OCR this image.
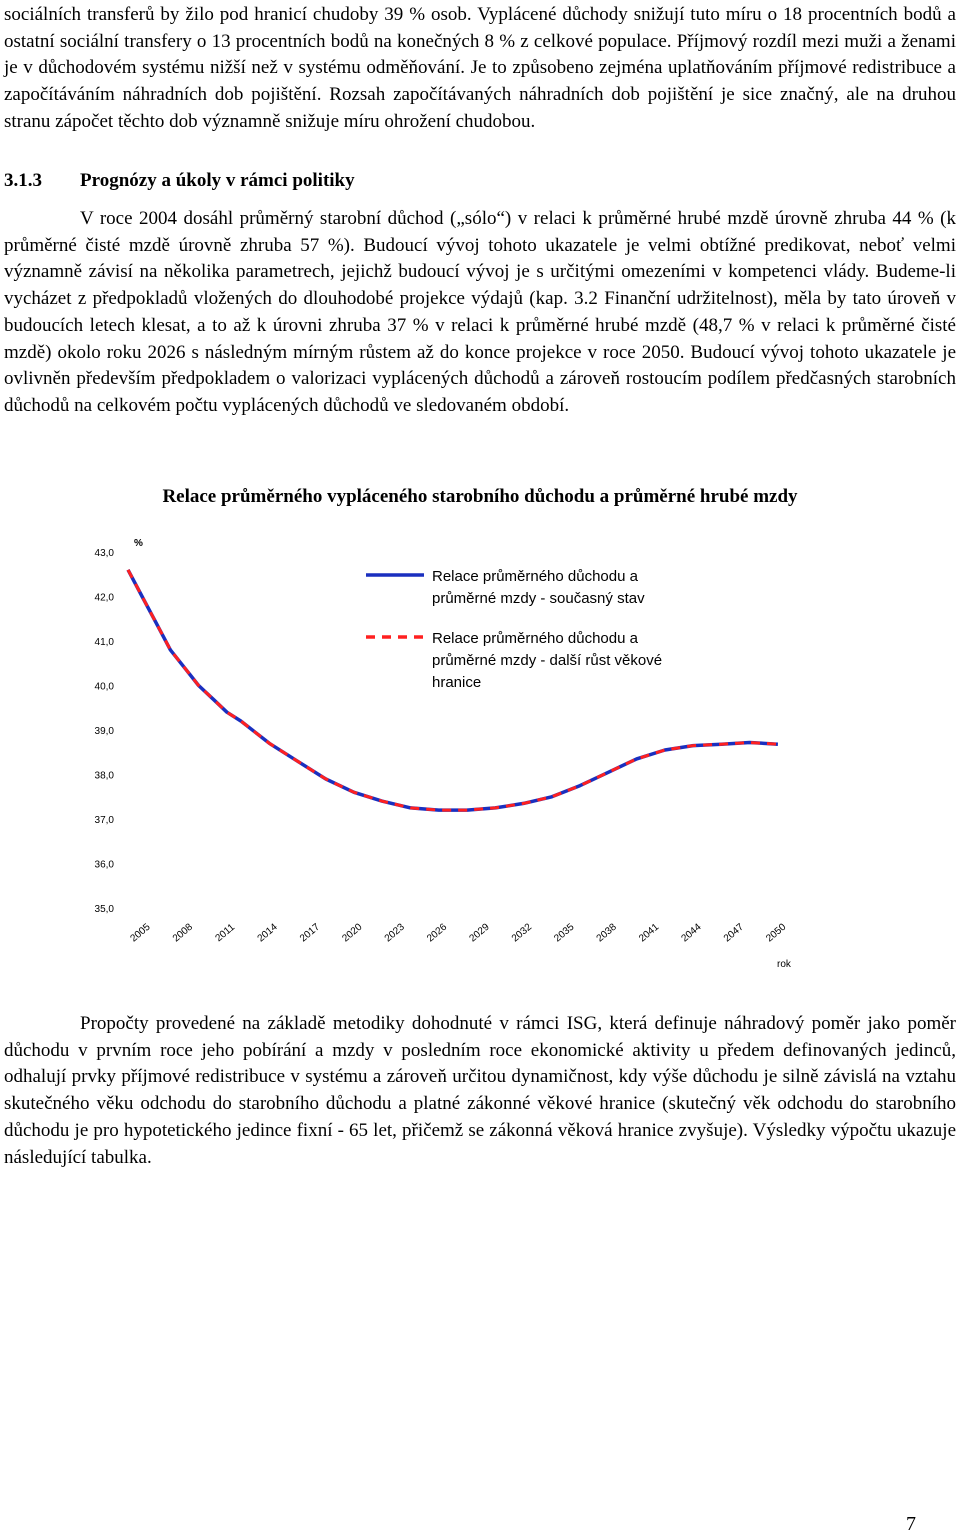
sociálních transferů by žilo pod hranicí chudoby 39 % osob. Vyplácené důchody snižují tuto míru o 18 procentních bodů a ostatní sociální transfery o 13 procentních bodů na konečných 8 % z celkové populace. Příjmový rozdíl mezi muži a ženami je v důchodovém systému nižší než v systému odměňování. Je to způsobeno zejména uplatňováním příjmové redistribuce a započítáváním náhradních dob pojištění. Rozsah započítávaných náhradních dob pojištění je sice značný, ale na druhou stranu zápočet těchto dob významně snižuje míru ohrožení chudobou.

3.1.3 Prognózy a úkoly v rámci politiky

V roce 2004 dosáhl průměrný starobní důchod („sólo“) v relaci k průměrné hrubé mzdě úrovně zhruba 44 % (k průměrné čisté mzdě úrovně zhruba 57 %). Budoucí vývoj tohoto ukazatele je velmi obtížné predikovat, neboť velmi významně závisí na několika parametrech, jejichž budoucí vývoj je s určitými omezeními v kompetenci vlády. Budeme-li vycházet z předpokladů vložených do dlouhodobé projekce výdajů (kap. 3.2 Finanční udržitelnost), měla by tato úroveň v budoucích letech klesat, a to až k úrovni zhruba 37 % v relaci k průměrné hrubé mzdě (48,7 % v relaci k průměrné čisté mzdě) okolo roku 2026 s následným mírným růstem až do konce projekce v roce 2050. Budoucí vývoj tohoto ukazatele je ovlivněn především předpokladem o valorizaci vyplácených důchodů a zároveň rostoucím podílem předčasných starobních důchodů na celkovém počtu vyplácených důchodů ve sledovaném období.

Relace průměrného vypláceného starobního důchodu a průměrné hrubé mzdy
43,0
42,0
41,0
40,0
39,0
38,0
37,0
36,0
35,0
%
2005 2008 2011 2014 2017 2020 2023 2026 2029 2032 2035 2038 2041 2044 2047 2050
rok
Relace průměrného důchodu a
průměrné mzdy - současný stav
Relace průměrného důchodu a
průměrné mzdy - další růst věkové
hranice

Propočty provedené na základě metodiky dohodnuté v rámci ISG, která definuje náhradový poměr jako poměr důchodu v prvním roce jeho pobírání a mzdy v posledním roce ekonomické aktivity u předem definovaných jedinců, odhalují prvky příjmové redistribuce v systému a zároveň určitou dynamičnost, kdy výše důchodu je silně závislá na vztahu skutečného věku odchodu do starobního důchodu a platné zákonné věkové hranice (skutečný věk odchodu do starobního důchodu je pro hypotetického jedince fixní - 65 let, přičemž se zákonná věková hranice zvyšuje). Výsledky výpočtu ukazuje následující tabulka.

7
